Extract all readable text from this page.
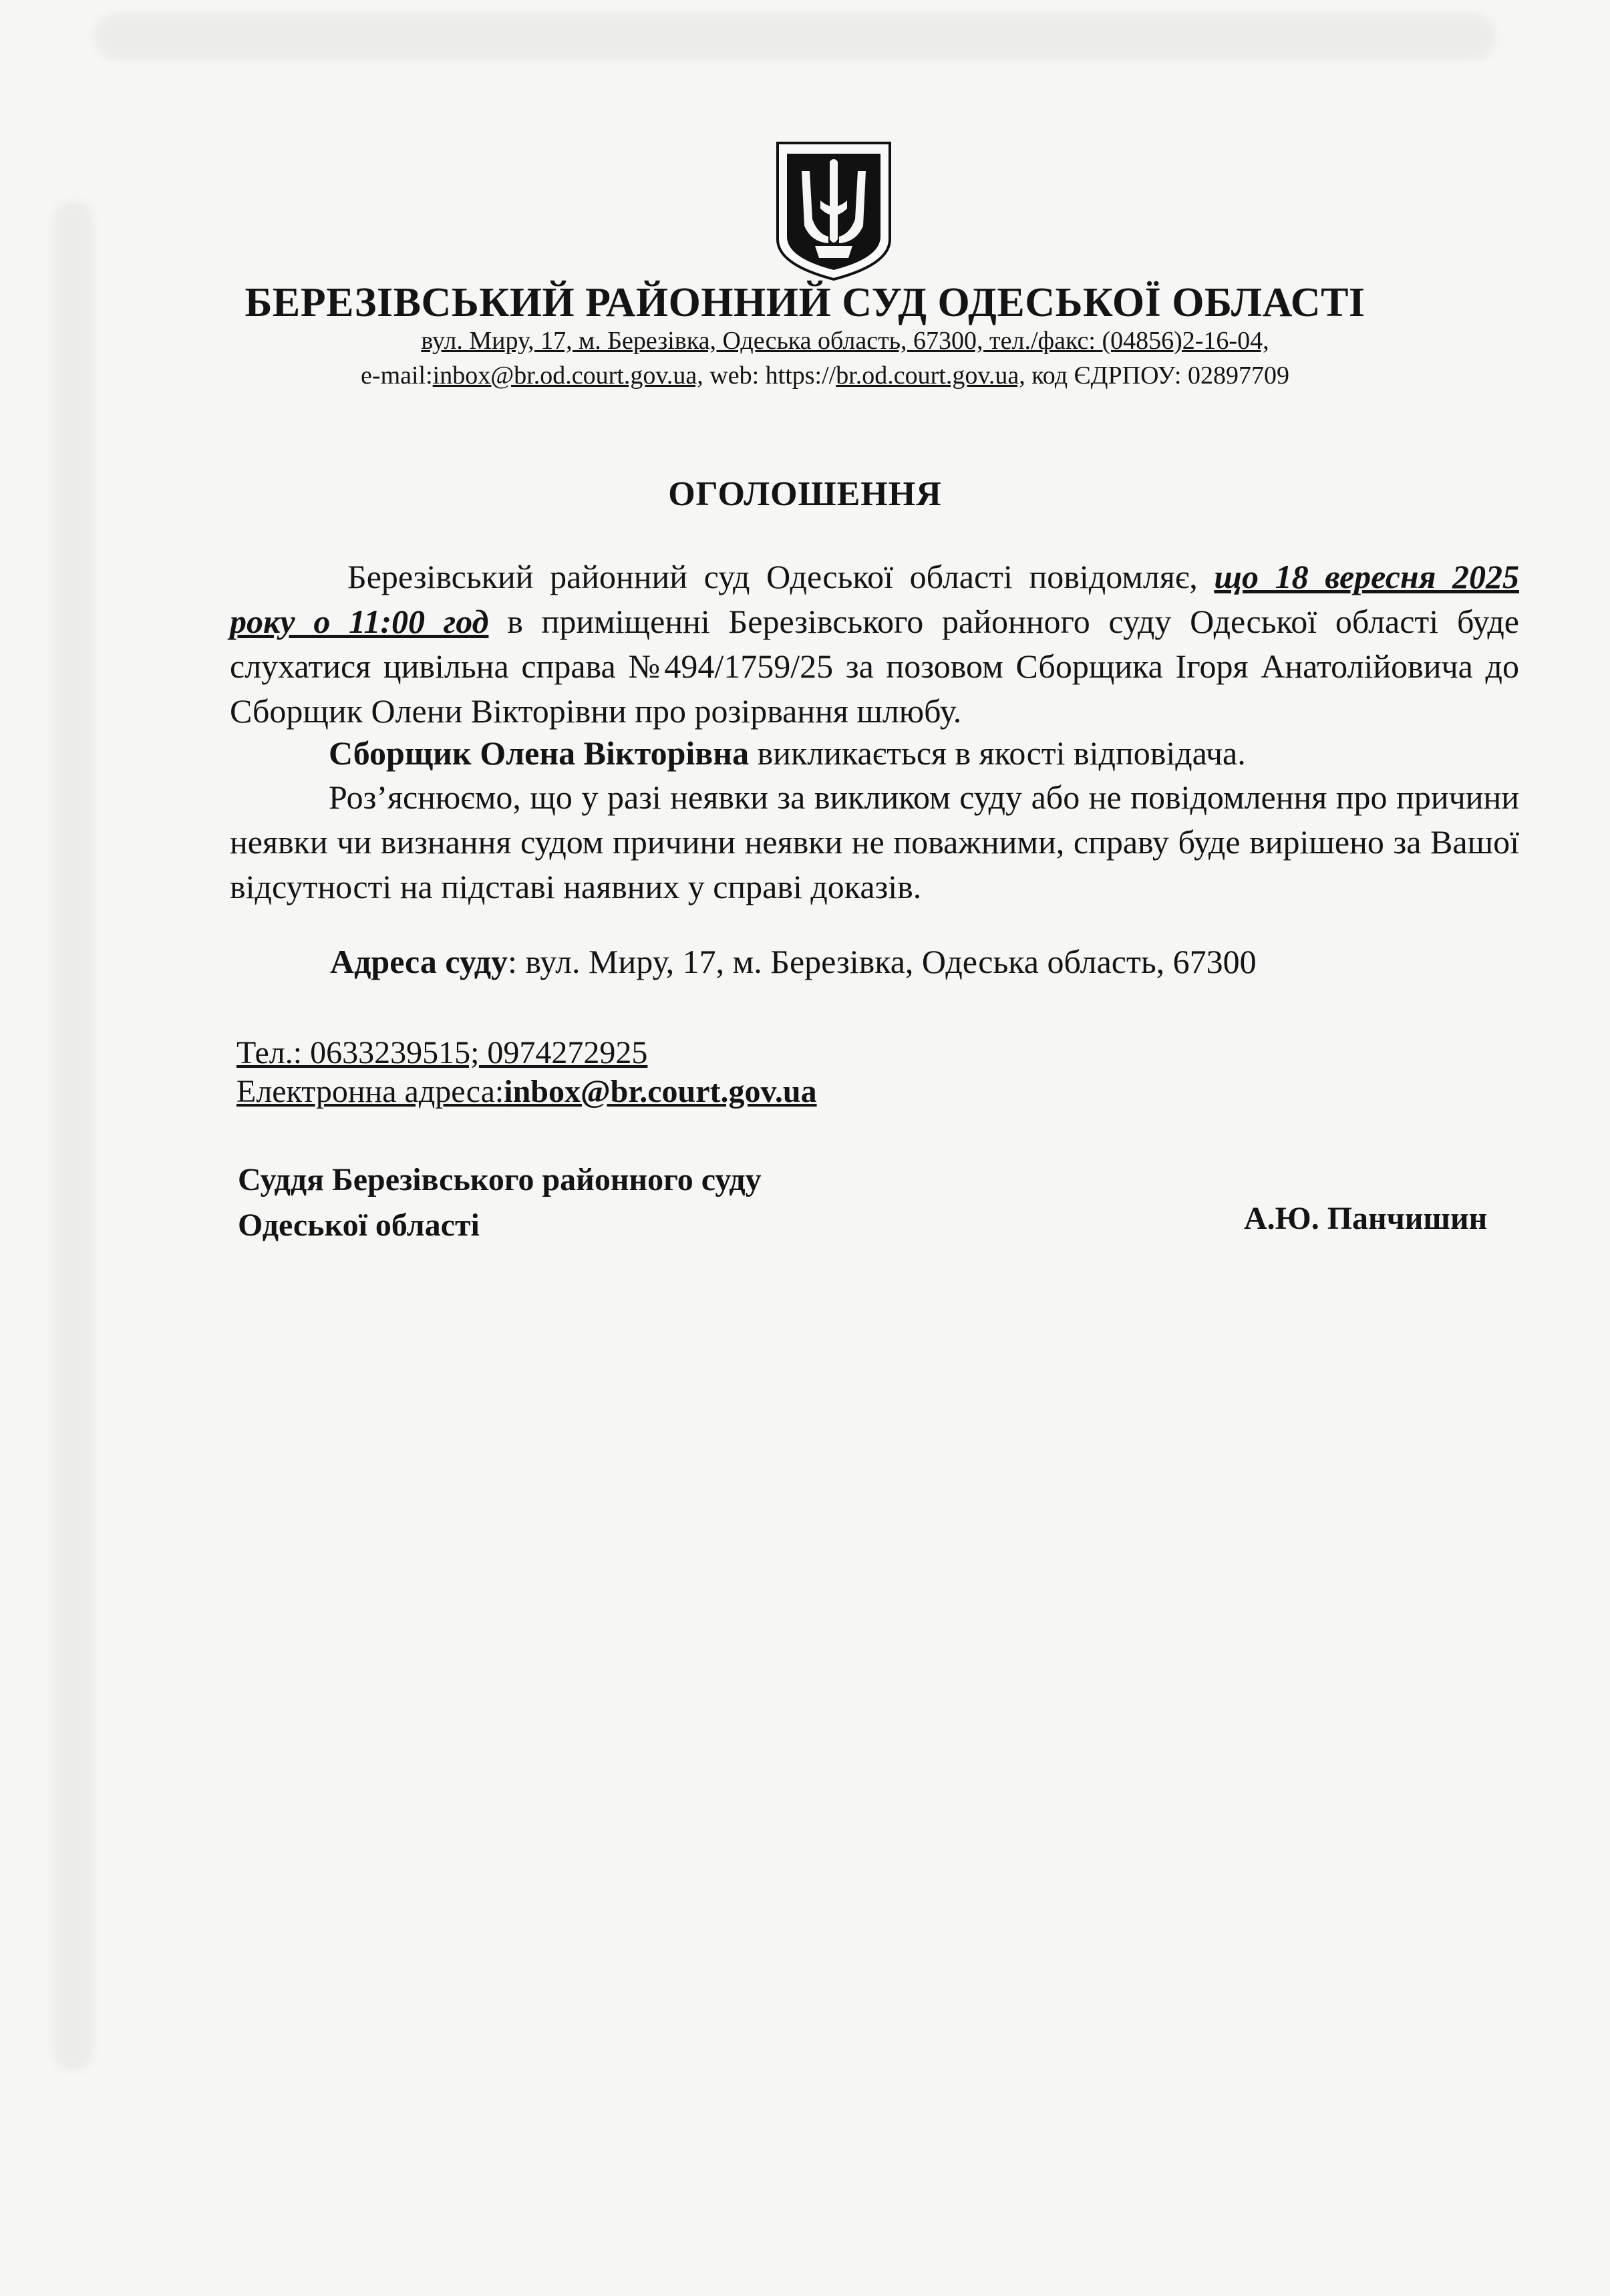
БЕРЕЗІВСЬКИЙ РАЙОННИЙ СУД ОДЕСЬКОЇ ОБЛАСТІ
вул. Миру, 17, м. Березівка, Одеська область, 67300, тел./факс: (04856)2-16-04,
e-mail:inbox@br.od.court.gov.ua, web: https://br.od.court.gov.ua, код ЄДРПОУ: 02897709
ОГОЛОШЕННЯ
Березівський районний суд Одеської області повідомляє, що 18 вересня 2025 року о 11:00 год в приміщенні Березівського районного суду Одеської області буде слухатися цивільна справа №494/1759/25 за позовом Сборщика Ігоря Анатолійовича до Сборщик Олени Вікторівни про розірвання шлюбу.
Сборщик Олена Вікторівна викликається в якості відповідача.
Роз’яснюємо, що у разі неявки за викликом суду або не повідомлення про причини неявки чи визнання судом причини неявки не поважними, справу буде вирішено за Вашої відсутності на підставі наявних у справі доказів.
Адреса суду: вул. Миру, 17, м. Березівка, Одеська область, 67300
Тел.: 0633239515; 0974272925
Електронна адреса:inbox@br.court.gov.ua
Суддя Березівського районного суду
Одеської області	А.Ю. Панчишин
